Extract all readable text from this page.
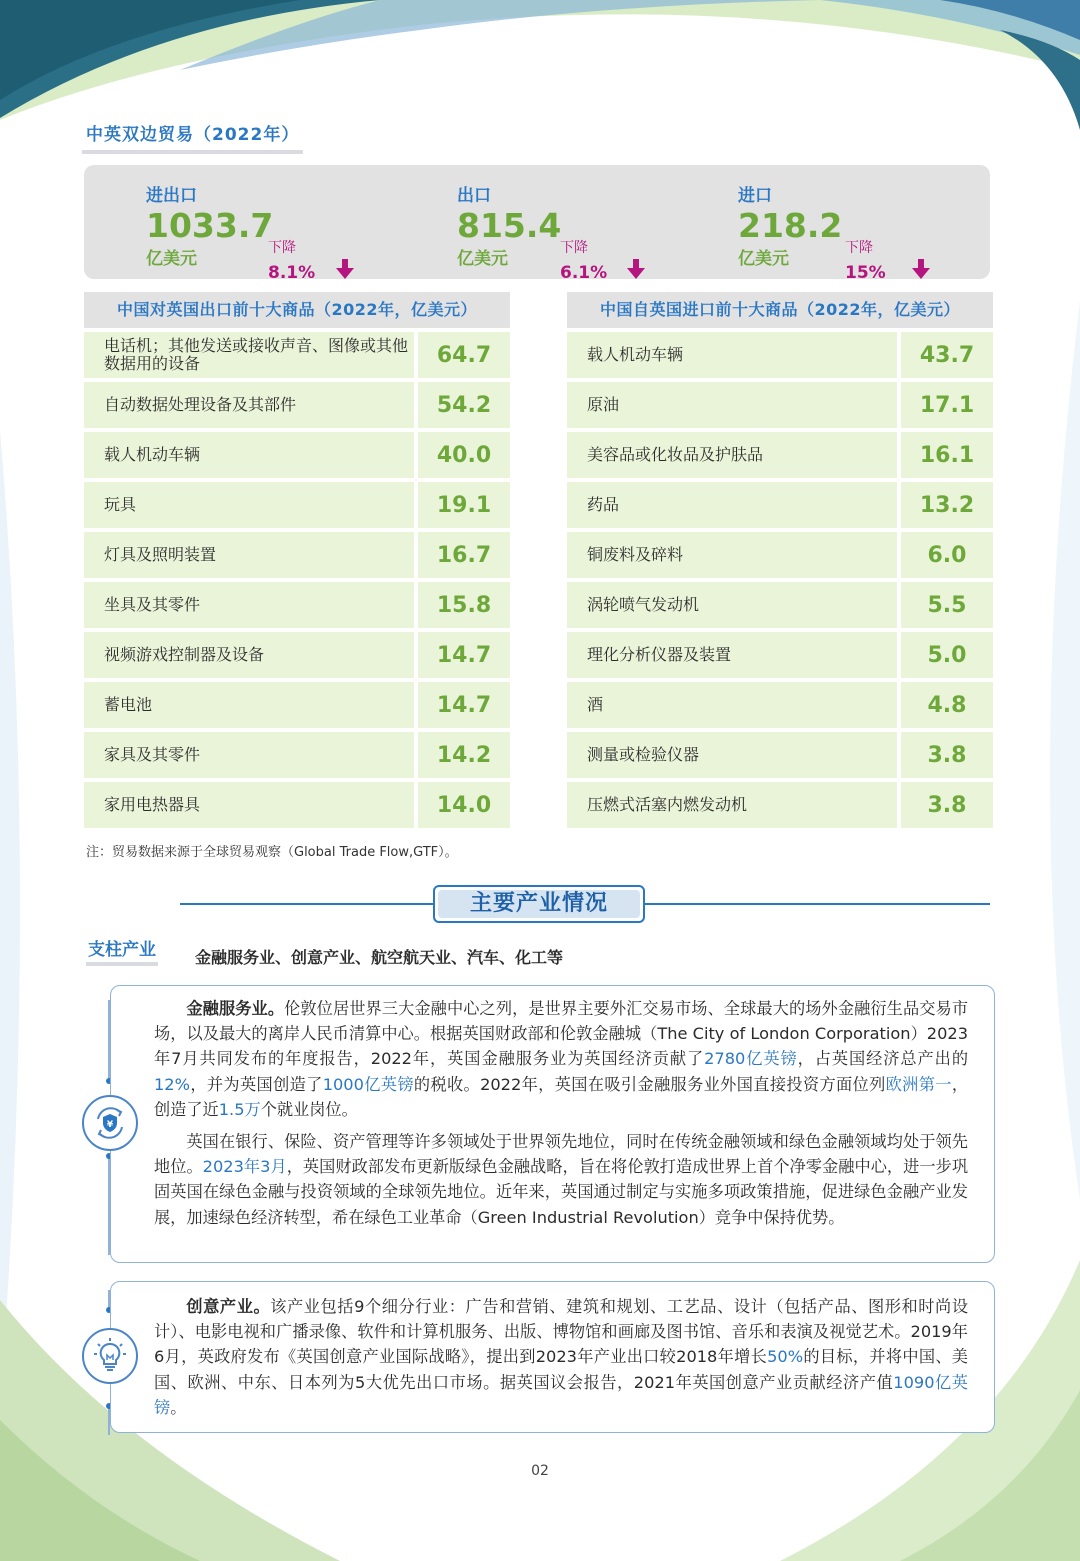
中英双边贸易（2022年）
进出口
1033.7
亿美元
下降
8.1%
出口
815.4
亿美元
下降
6.1%
进口
218.2
亿美元
下降
15%
中国对英国出口前十大商品（2022年，亿美元）
电话机；其他发送或接收声音、图像或其他数据用的设备	64.7
自动数据处理设备及其部件	54.2
载人机动车辆	40.0
玩具	19.1
灯具及照明装置	16.7
坐具及其零件	15.8
视频游戏控制器及设备	14.7
蓄电池	14.7
家具及其零件	14.2
家用电热器具	14.0
中国自英国进口前十大商品（2022年，亿美元）
载人机动车辆	43.7
原油	17.1
美容品或化妆品及护肤品	16.1
药品	13.2
铜废料及碎料	6.0
涡轮喷气发动机	5.5
理化分析仪器及装置	5.0
酒	4.8
测量或检验仪器	3.8
压燃式活塞内燃发动机	3.8
注：贸易数据来源于全球贸易观察（Global Trade Flow,GTF）。
主要产业情况
支柱产业 金融服务业、创意产业、航空航天业、汽车、化工等

金融服务业。伦敦位居世界三大金融中心之列，是世界主要外汇交易市场、全球最大的场外金融衍生品交易市场，以及最大的离岸人民币清算中心。根据英国财政部和伦敦金融城（The City of London Corporation）2023年7月共同发布的年度报告，2022年，英国金融服务业为英国经济贡献了2780亿英镑，占英国经济总产出的12%，并为英国创造了1000亿英镑的税收。2022年，英国在吸引金融服务业外国直接投资方面位列欧洲第一，创造了近1.5万个就业岗位。

英国在银行、保险、资产管理等许多领域处于世界领先地位，同时在传统金融领域和绿色金融领域均处于领先地位。2023年3月，英国财政部发布更新版绿色金融战略，旨在将伦敦打造成世界上首个净零金融中心，进一步巩固英国在绿色金融与投资领域的全球领先地位。近年来，英国通过制定与实施多项政策措施，促进绿色金融产业发展，加速绿色经济转型，希在绿色工业革命（Green Industrial Revolution）竞争中保持优势。

¥

创意产业。该产业包括9个细分行业：广告和营销、建筑和规划、工艺品、设计（包括产品、图形和时尚设计）、电影电视和广播录像、软件和计算机服务、出版、博物馆和画廊及图书馆、音乐和表演及视觉艺术。2019年6月，英政府发布《英国创意产业国际战略》，提出到2023年产业出口较2018年增长50%的目标，并将中国、美国、欧洲、中东、日本列为5大优先出口市场。据英国议会报告，2021年英国创意产业贡献经济产值1090亿英镑。

02
